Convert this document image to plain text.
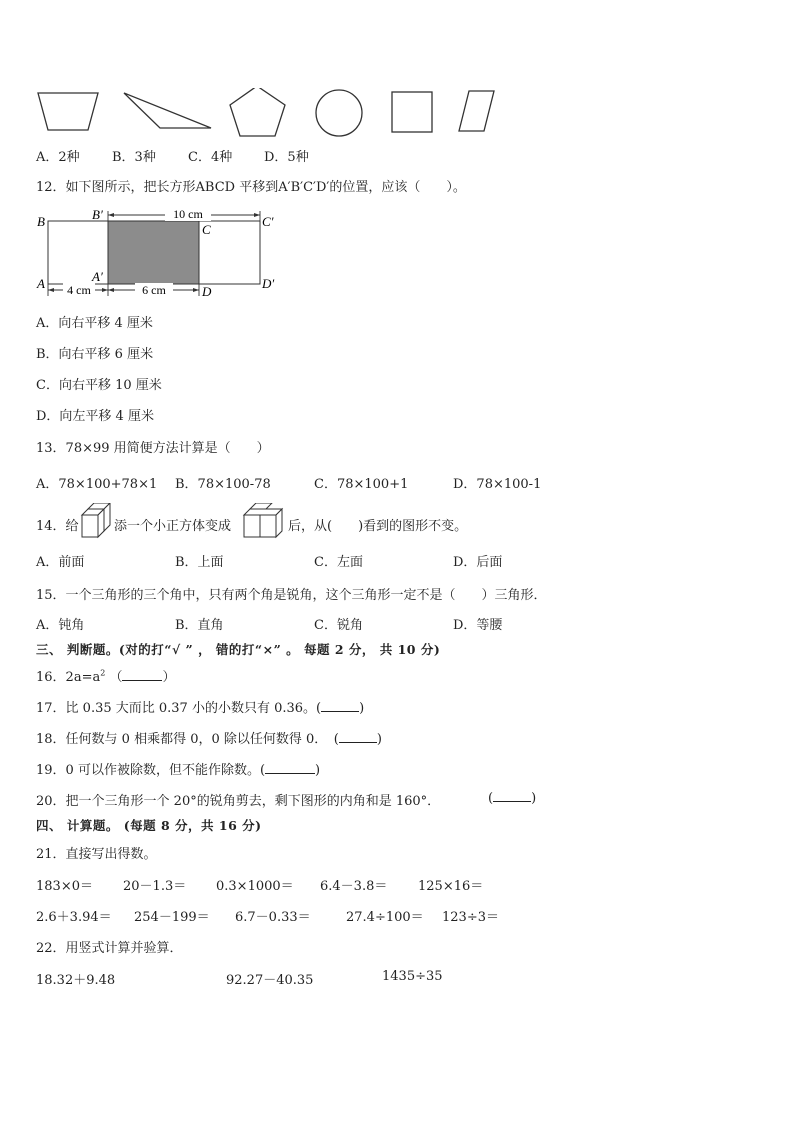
A．2种 B．3种 C．4种 D．5种
12．如下图所示，把长方形ABCD 平移到A′B′C′D′的位置，应该（　　）。
10 cm
4 cm	6 cm
B	B′
C
C′
A	A′
D
D′
A．向右平移 4 厘米
B．向右平移 6 厘米
C．向右平移 10 厘米
D．向左平移 4 厘米
13．78×99 用简便方法计算是（　　）
A．78×100+78×1 B．78×100-78	C．78×100+1	D．78×100-1
14．给	添一个小正方体变成	后，从(　　)看到的图形不变。
A．前面	B．上面	C．左面	D．后面
15．一个三角形的三个角中，只有两个角是锐角，这个三角形一定不是（　　）三角形．
A．钝角	B．直角	C．锐角	D．等腰
三、 判断题。(对的打“√ ” ， 错的打“×” 。 每题 2 分， 共 10 分)
16．$2a=a^2$ （	）
17．比 0.35 大而比 0.37 小的小数只有 0.36。(	)
18．任何数与 0 相乘都得 0，0 除以任何数得 0．　(	)
19．0 可以作被除数，但不能作除数。(	)
20．把一个三角形一个 20°的锐角剪去，剩下图形的内角和是 160°．	(	)
四、 计算题。 (每题 8 分，共 16 分)
21．直接写出得数。
183×0＝ 20－1.3＝ 0.3×1000＝ 6.4－3.8＝ 125×16＝
2.6＋3.94＝ 254－199＝ 6.7－0.33＝	27.4÷100＝ 123÷3＝
22．用竖式计算并验算．
18.32＋9.48	92.27－40.35	1435÷35
